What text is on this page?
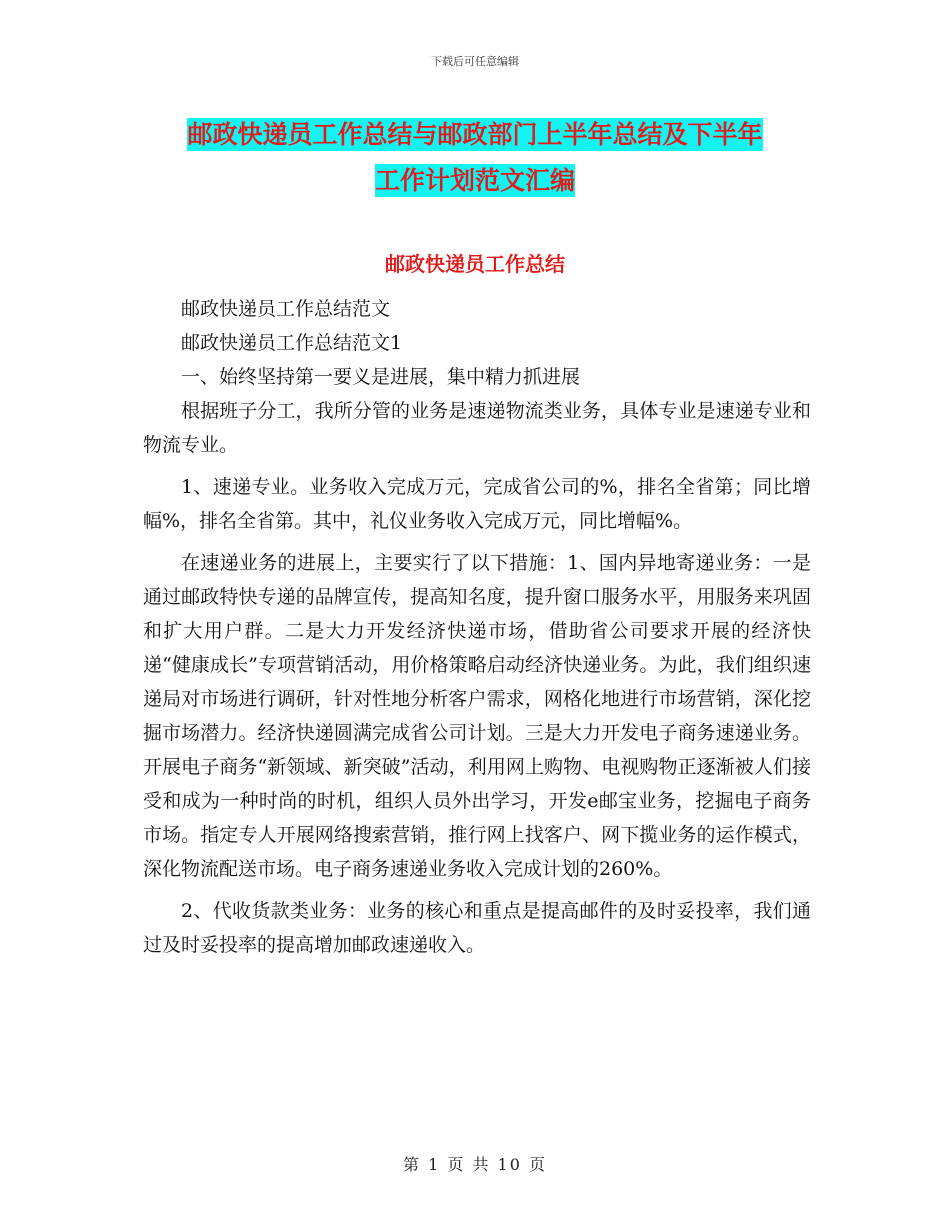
下载后可任意编辑
邮政快递员工作总结与邮政部门上半年总结及下半年
工作计划范文汇编
邮政快递员工作总结

邮政快递员工作总结范文

邮政快递员工作总结范文1

一、始终坚持第一要义是进展，集中精力抓进展

根据班子分工，我所分管的业务是速递物流类业务，具体专业是速递专业和物流专业。

1、速递专业。业务收入完成万元，完成省公司的%，排名全省第；同比增幅%，排名全省第。其中，礼仪业务收入完成万元，同比增幅%。

在速递业务的进展上，主要实行了以下措施：1、国内异地寄递业务：一是通过邮政特快专递的品牌宣传，提高知名度，提升窗口服务水平，用服务来巩固和扩大用户群。二是大力开发经济快递市场，借助省公司要求开展的经济快递“健康成长”专项营销活动，用价格策略启动经济快递业务。为此，我们组织速递局对市场进行调研，针对性地分析客户需求，网格化地进行市场营销，深化挖掘市场潜力。经济快递圆满完成省公司计划。三是大力开发电子商务速递业务。开展电子商务“新领域、新突破”活动，利用网上购物、电视购物正逐渐被人们接受和成为一种时尚的时机，组织人员外出学习，开发e邮宝业务，挖掘电子商务市场。指定专人开展网络搜索营销，推行网上找客户、网下揽业务的运作模式，深化物流配送市场。电子商务速递业务收入完成计划的260%。

2、代收货款类业务：业务的核心和重点是提高邮件的及时妥投率，我们通过及时妥投率的提高增加邮政速递收入。

第 1 页 共 10 页
